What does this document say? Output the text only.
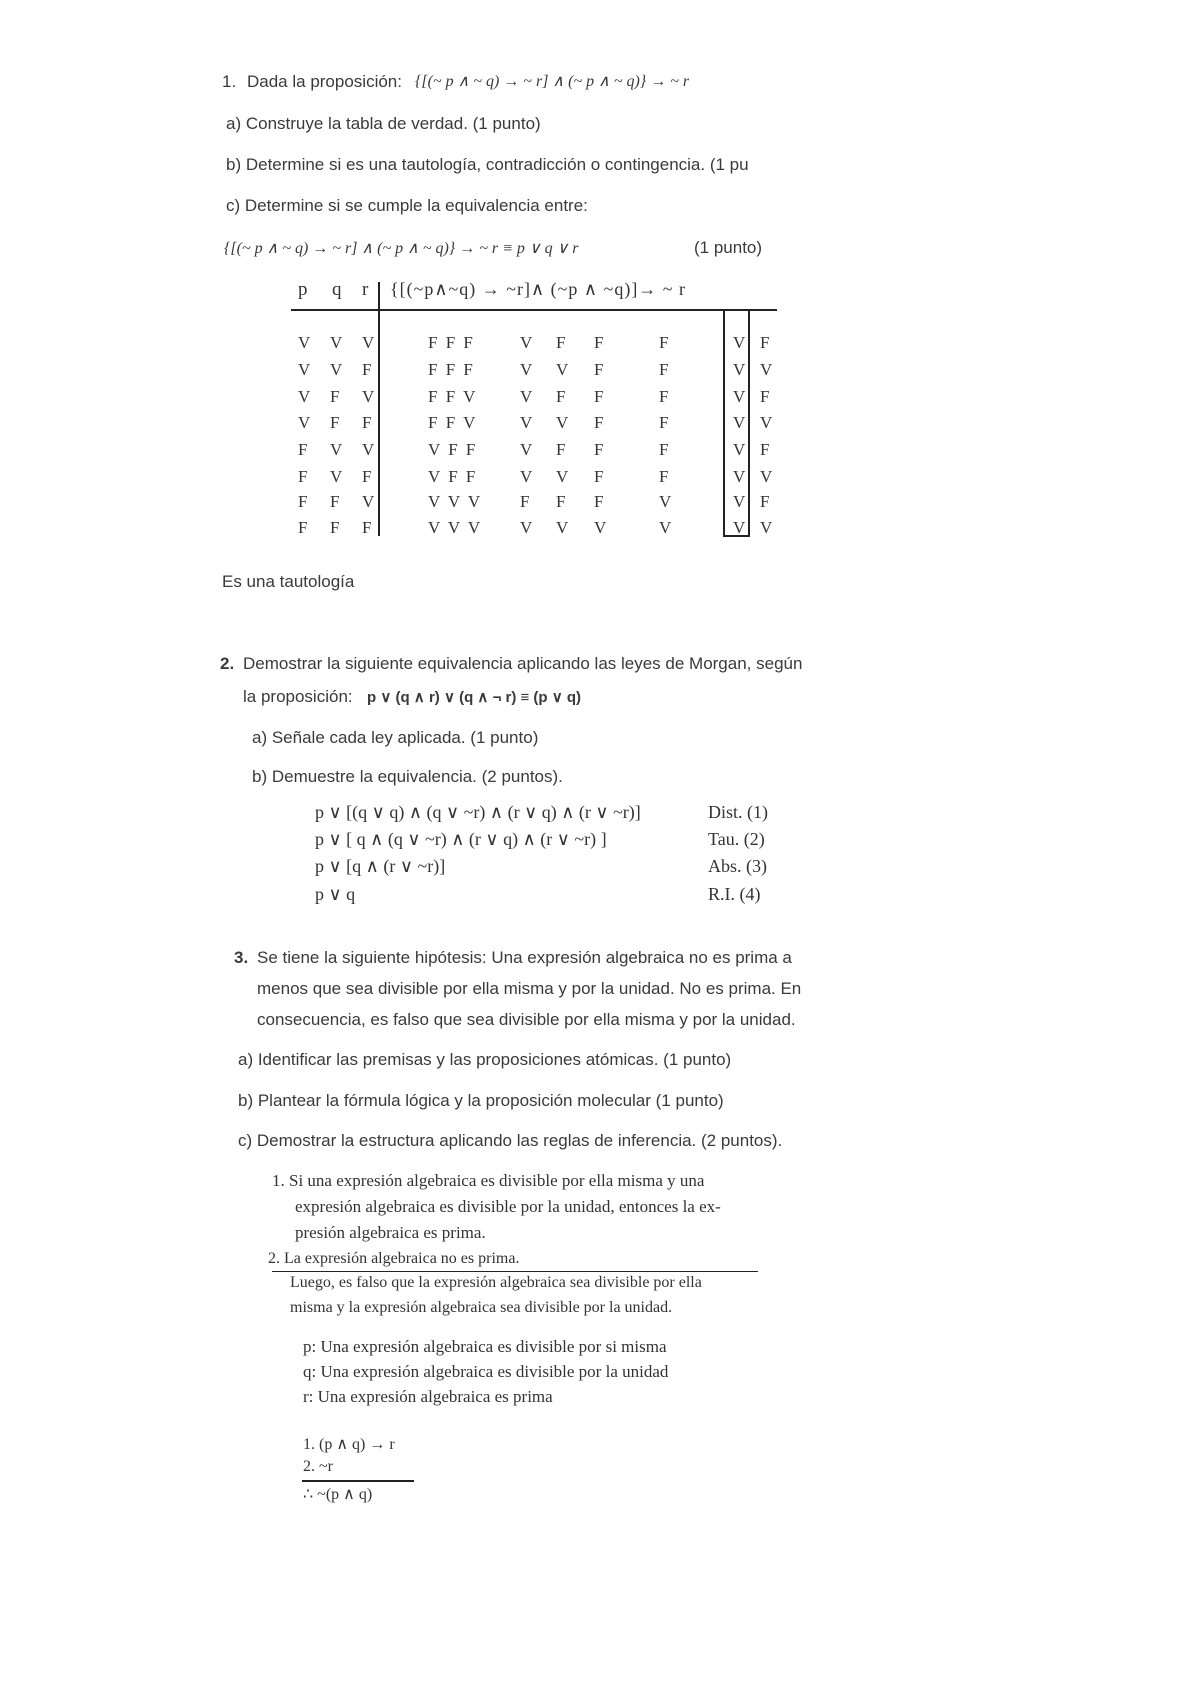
1. Dada la proposición: {[(~ p ∧ ~ q) → ~ r] ∧ (~ p ∧ ~ q)} → ~ r
a) Construye la tabla de verdad. (1 punto)
b) Determine si es una tautología, contradicción o contingencia. (1 pu
c) Determine si se cumple la equivalencia entre:
{[(~ p ∧ ~ q) → ~ r] ∧ (~ p ∧ ~ q)} → ~ r ≡ p ∨ q ∨ r	(1 punto)
p q r {[(~p∧~q) → ~r]∧ (~p ∧ ~q)]→ ~ r
V V V	F F F	V F F	F	V F
V V F	F F F	V V F	F	V V
V F V	F F V	V F F	F	V F
V F F	F F V	V V F	F	V V
F V V	V F F	V F F	F	V F
F V F	V F F	V V F	F	V V
F F V	V V V F F F	V	V F
F F F	V V V V V V	V	V V
Es una tautología
2. Demostrar la siguiente equivalencia aplicando las leyes de Morgan, según
la proposición: p ∨ (q ∧ r) ∨ (q ∧ ¬ r) ≡ (p ∨ q)
a) Señale cada ley aplicada. (1 punto)
b) Demuestre la equivalencia. (2 puntos).
p ∨ [(q ∨ q) ∧ (q ∨ ~r) ∧ (r ∨ q) ∧ (r ∨ ~r)]	Dist. (1)
p ∨ [ q ∧ (q ∨ ~r) ∧ (r ∨ q) ∧ (r ∨ ~r) ]	Tau. (2)
p ∨ [q ∧ (r ∨ ~r)]	Abs. (3)
p ∨ q	R.I. (4)
3. Se tiene la siguiente hipótesis: Una expresión algebraica no es prima a
menos que sea divisible por ella misma y por la unidad. No es prima. En
consecuencia, es falso que sea divisible por ella misma y por la unidad.
a) Identificar las premisas y las proposiciones atómicas. (1 punto)
b) Plantear la fórmula lógica y la proposición molecular (1 punto)
c) Demostrar la estructura aplicando las reglas de inferencia. (2 puntos).
1. Si una expresión algebraica es divisible por ella misma y una
expresión algebraica es divisible por la unidad, entonces la ex-
presión algebraica es prima.
2. La expresión algebraica no es prima.
Luego, es falso que la expresión algebraica sea divisible por ella
misma y la expresión algebraica sea divisible por la unidad.
p: Una expresión algebraica es divisible por si misma
q: Una expresión algebraica es divisible por la unidad
r: Una expresión algebraica es prima
1. (p ∧ q) → r
2. ~r
∴ ~(p ∧ q)
